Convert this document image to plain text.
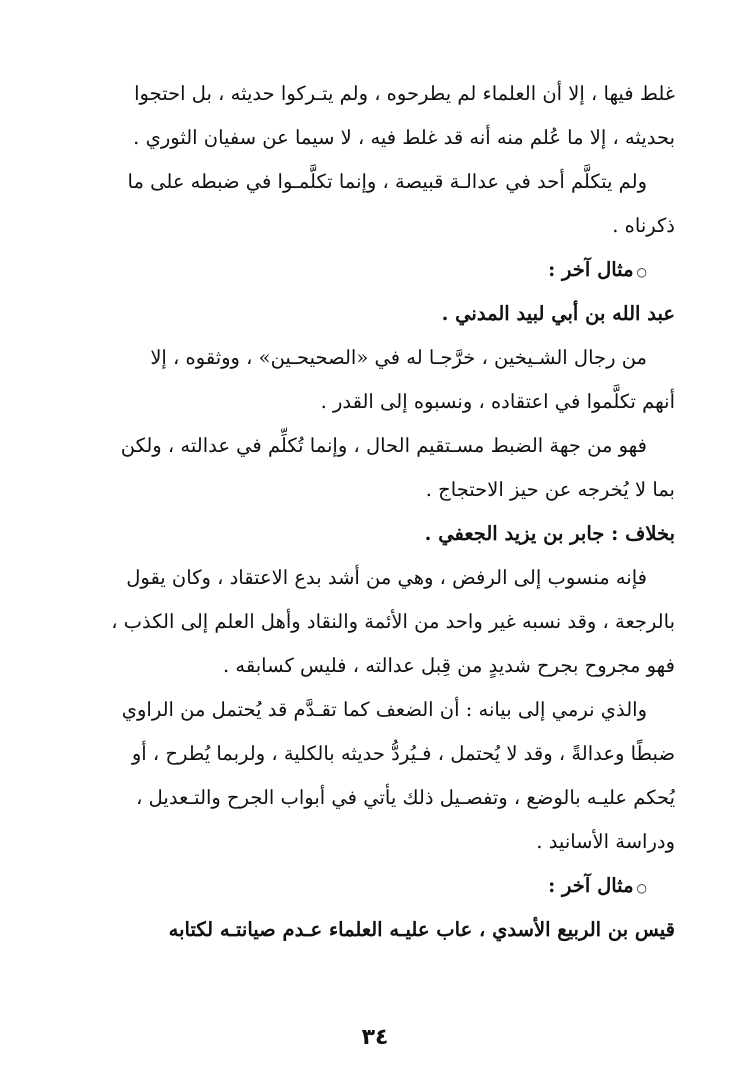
غلط فيها ، إلا أن العلماء لم يطرحوه ، ولم يتـركوا حديثه ، بل احتجوا
بحديثه ، إلا ما عُلم منه أنه قد غلط فيه ، لا سيما عن سفيان الثوري .
ولم يتكلَّم أحد في عدالـة قبيصة ، وإنما تكلَّمـوا في ضبطه على ما
ذكرناه .
○مثال آخر :
عبد الله بن أبي لبيد المدني .
من رجال الشـيخين ، خرَّجـا له في «الصحيحـين» ، ووثقوه ، إلا
أنهم تكلَّموا في اعتقاده ، ونسبوه إلى القدر .
فهو من جهة الضبط مسـتقيم الحال ، وإنما تُكلِّم في عدالته ، ولكن
بما لا يُخرجه عن حيز الاحتجاج .
بخلاف : جابر بن يزيد الجعفي .
فإنه منسوب إلى الرفض ، وهي من أشد بدع الاعتقاد ، وكان يقول
بالرجعة ، وقد نسبه غير واحد من الأئمة والنقاد وأهل العلم إلى الكذب ،
فهو مجروح بجرح شديدٍ من قِبل عدالته ، فليس كسابقه .
والذي نرمي إلى بيانه : أن الضعف كما تقـدَّم قد يُحتمل من الراوي
ضبطًا وعدالةً ، وقد لا يُحتمل ، فـيُردُّ حديثه بالكلية ، ولربما يُطرح ، أو
يُحكم عليـه بالوضع ، وتفصـيل ذلك يأتي في أبواب الجرح والتـعديل ،
ودراسة الأسانيد .
○مثال آخر :
قيس بن الربيع الأسدي ، عاب عليـه العلماء عـدم صيانتـه لكتابه
٣٤
